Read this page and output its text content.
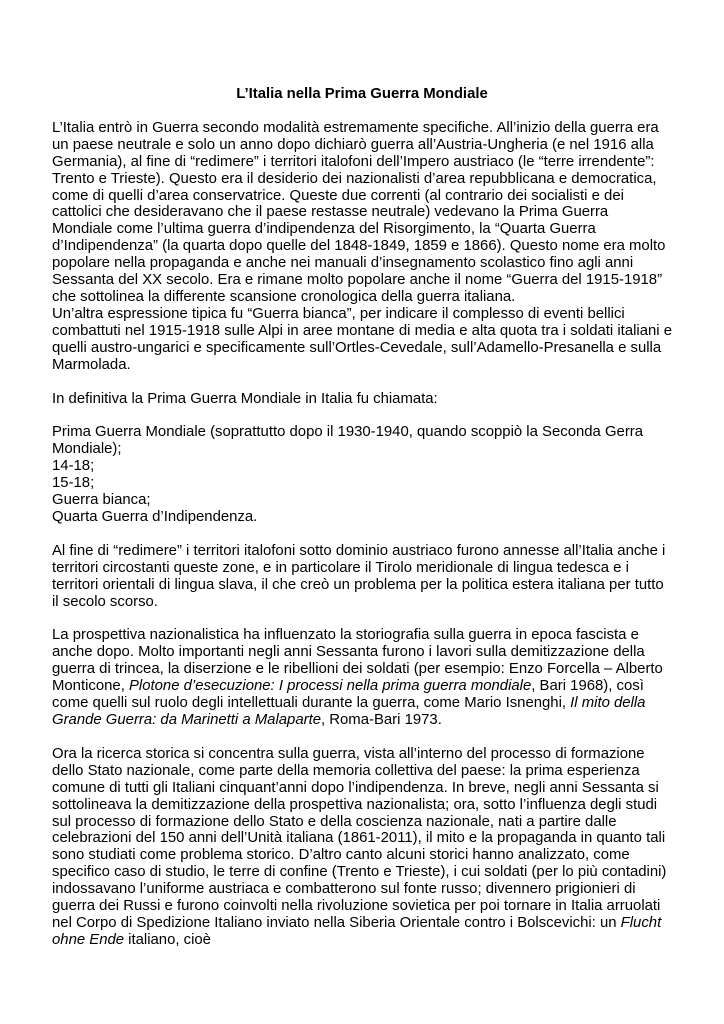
L’Italia nella Prima Guerra Mondiale

L’Italia entrò in Guerra secondo modalità estremamente specifiche. All’inizio della guerra era un paese neutrale e solo un anno dopo dichiarò guerra all’Austria-Ungheria (e nel 1916 alla Germania), al fine di “redimere” i territori italofoni dell’Impero austriaco (le “terre irrendente”: Trento e Trieste). Questo era il desiderio dei nazionalisti d’area repubblicana e democratica, come di quelli d’area conservatrice. Queste due correnti (al contrario dei socialisti e dei cattolici che desideravano che il paese restasse neutrale) vedevano la Prima Guerra Mondiale come l’ultima guerra d’indipendenza del Risorgimento, la “Quarta Guerra d’Indipendenza” (la quarta dopo quelle del 1848-1849, 1859 e 1866). Questo nome era molto popolare nella propaganda e anche nei manuali d’insegnamento scolastico fino agli anni Sessanta del XX secolo. Era e rimane molto popolare anche il nome “Guerra del 1915-1918” che sottolinea la differente scansione cronologica della guerra italiana.

Un’altra espressione tipica fu “Guerra bianca”, per indicare il complesso di eventi bellici combattuti nel 1915-1918 sulle Alpi in aree montane di media e alta quota tra i soldati italiani e quelli austro-ungarici e specificamente sull’Ortles-Cevedale, sull’Adamello-Presanella e sulla Marmolada.

In definitiva la Prima Guerra Mondiale in Italia fu chiamata:

Prima Guerra Mondiale (soprattutto dopo il 1930-1940, quando scoppiò la Seconda Gerra Mondiale);

14-18;

15-18;

Guerra bianca;

Quarta Guerra d’Indipendenza.

Al fine di “redimere” i territori italofoni sotto dominio austriaco furono annesse all’Italia anche i territori circostanti queste zone, e in particolare il Tirolo meridionale di lingua tedesca e i territori orientali di lingua slava, il che creò un problema per la politica estera italiana per tutto il secolo scorso.

La prospettiva nazionalistica ha influenzato la storiografia sulla guerra in epoca fascista e anche dopo. Molto importanti negli anni Sessanta furono i lavori sulla demitizzazione della guerra di trincea, la diserzione e le ribellioni dei soldati (per esempio: Enzo Forcella – Alberto Monticone, Plotone d’esecuzione: I processi nella prima guerra mondiale, Bari 1968), così come quelli sul ruolo degli intellettuali durante la guerra, come Mario Isnenghi, Il mito della Grande Guerra: da Marinetti a Malaparte, Roma-Bari 1973.

Ora la ricerca storica si concentra sulla guerra, vista all’interno del processo di formazione dello Stato nazionale, come parte della memoria collettiva del paese: la prima esperienza comune di tutti gli Italiani cinquant’anni dopo l’indipendenza. In breve, negli anni Sessanta si sottolineava la demitizzazione della prospettiva nazionalista; ora, sotto l’influenza degli studi sul processo di formazione dello Stato e della coscienza nazionale, nati a partire dalle celebrazioni del 150 anni dell’Unità italiana (1861-2011), il mito e la propaganda in quanto tali sono studiati come problema storico. D’altro canto alcuni storici hanno analizzato, come specifico caso di studio, le terre di confine (Trento e Trieste), i cui soldati (per lo più contadini) indossavano l’uniforme austriaca e combatterono sul fonte russo; divennero prigionieri di guerra dei Russi e furono coinvolti nella rivoluzione sovietica per poi tornare in Italia arruolati nel Corpo di Spedizione Italiano inviato nella Siberia Orientale contro i Bolscevichi: un Flucht ohne Ende italiano, cioè
